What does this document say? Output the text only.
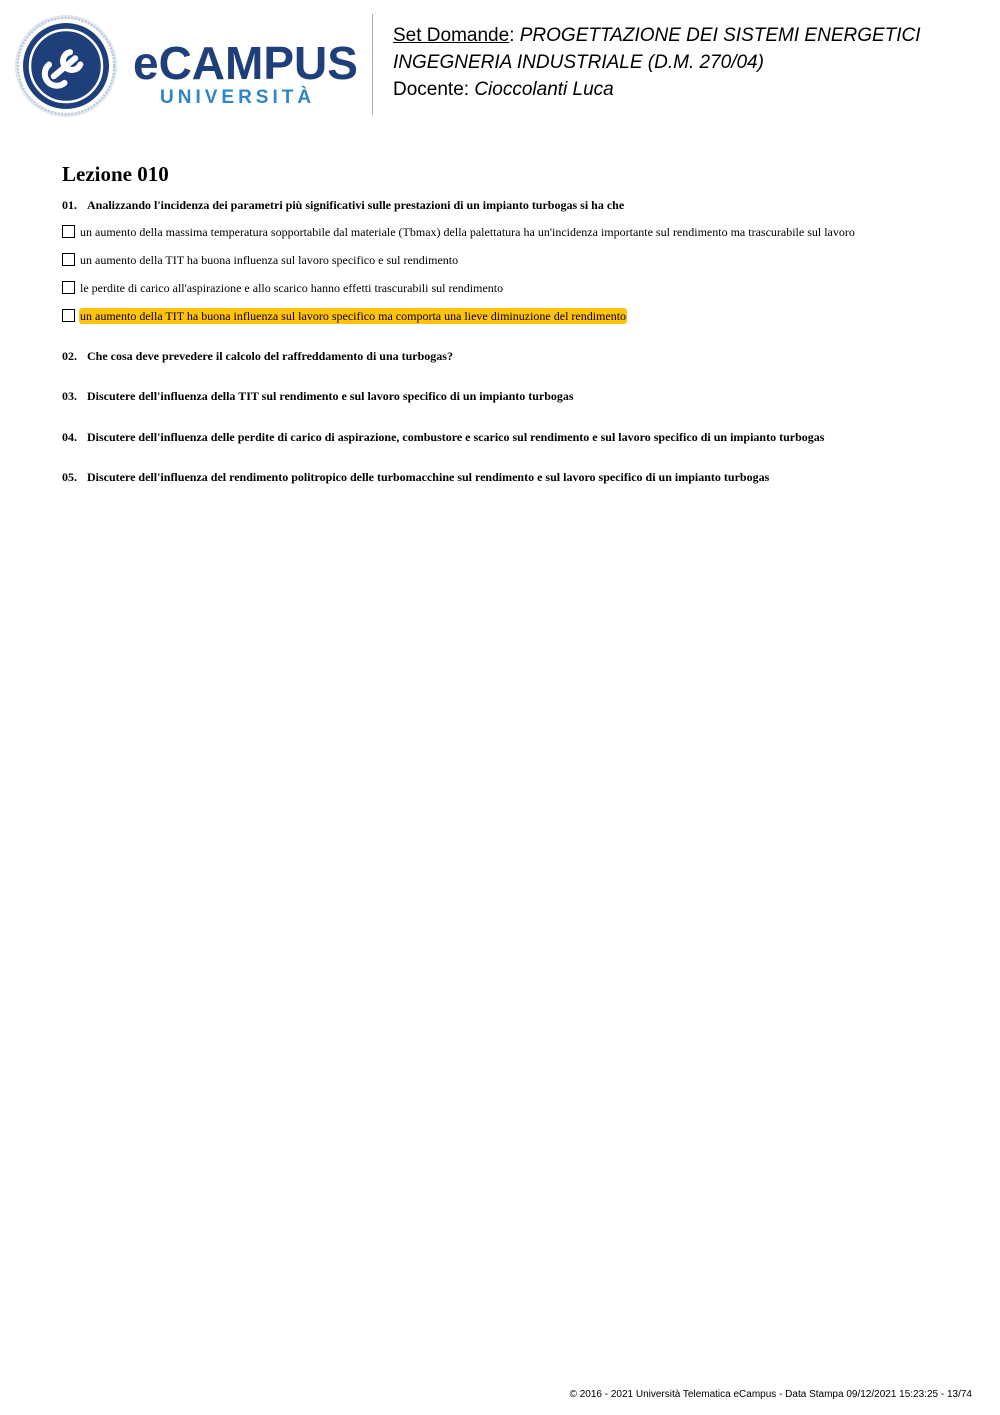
eCAMPUS
UNIVERSITÀ
Set Domande: PROGETTAZIONE DEI SISTEMI ENERGETICI
INGEGNERIA INDUSTRIALE (D.M. 270/04)
Docente: Cioccolanti Luca
Lezione 010
01. Analizzando l'incidenza dei parametri più significativi sulle prestazioni di un impianto turbogas si ha che
un aumento della massima temperatura sopportabile dal materiale (Tbmax) della palettatura ha un'incidenza importante sul rendimento ma trascurabile sul lavoro
un aumento della TIT ha buona influenza sul lavoro specifico e sul rendimento
le perdite di carico all'aspirazione e allo scarico hanno effetti trascurabili sul rendimento
un aumento della TIT ha buona influenza sul lavoro specifico ma comporta una lieve diminuzione del rendimento
02. Che cosa deve prevedere il calcolo del raffreddamento di una turbogas?
03. Discutere dell'influenza della TIT sul rendimento e sul lavoro specifico di un impianto turbogas
04. Discutere dell'influenza delle perdite di carico di aspirazione, combustore e scarico sul rendimento e sul lavoro specifico di un impianto turbogas
05. Discutere dell'influenza del rendimento politropico delle turbomacchine sul rendimento e sul lavoro specifico di un impianto turbogas
© 2016 - 2021 Università Telematica eCampus - Data Stampa 09/12/2021 15:23:25 - 13/74
